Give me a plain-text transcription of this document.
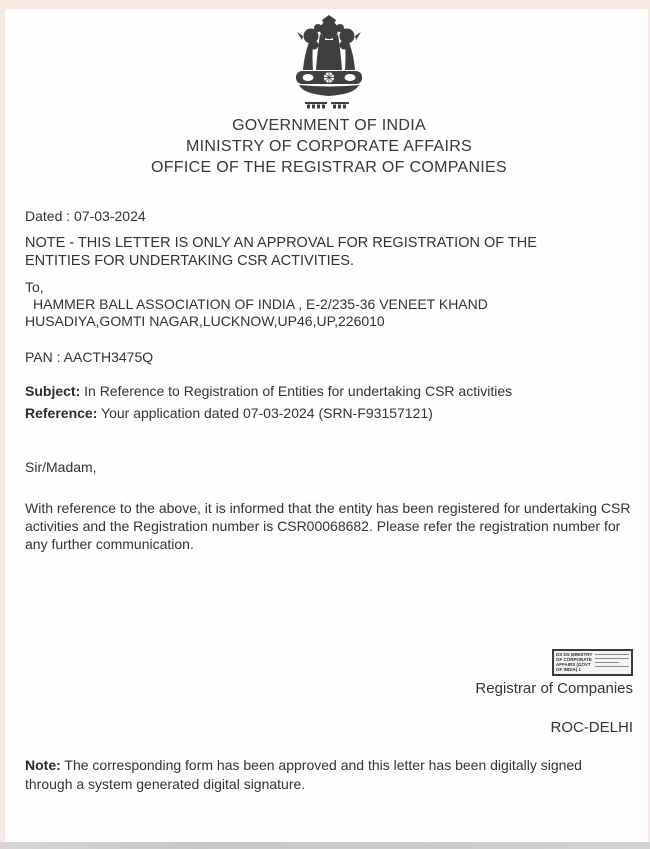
GOVERNMENT OF INDIA
MINISTRY OF CORPORATE AFFAIRS
OFFICE OF THE REGISTRAR OF COMPANIES
Dated : 07-03-2024
NOTE - THIS LETTER IS ONLY AN APPROVAL FOR REGISTRATION OF THE ENTITIES FOR UNDERTAKING CSR ACTIVITIES.
To,
HAMMER BALL ASSOCIATION OF INDIA , E-2/235-36 VENEET KHAND
HUSADIYA,GOMTI NAGAR,LUCKNOW,UP46,UP,226010
PAN : AACTH3475Q
Subject: In Reference to Registration of Entities for undertaking CSR activities
Reference: Your application dated 07-03-2024 (SRN-F93157121)
Sir/Madam,
With reference to the above, it is informed that the entity has been registered for undertaking CSR activities and the Registration number is CSR00068682. Please refer the registration number for any further communication.
DS DS MINISTRY OF CORPORATE AFFAIRS (GOVT OF INDIA) 1
Registrar of Companies
ROC-DELHI
Note: The corresponding form has been approved and this letter has been digitally signed through a system generated digital signature.
